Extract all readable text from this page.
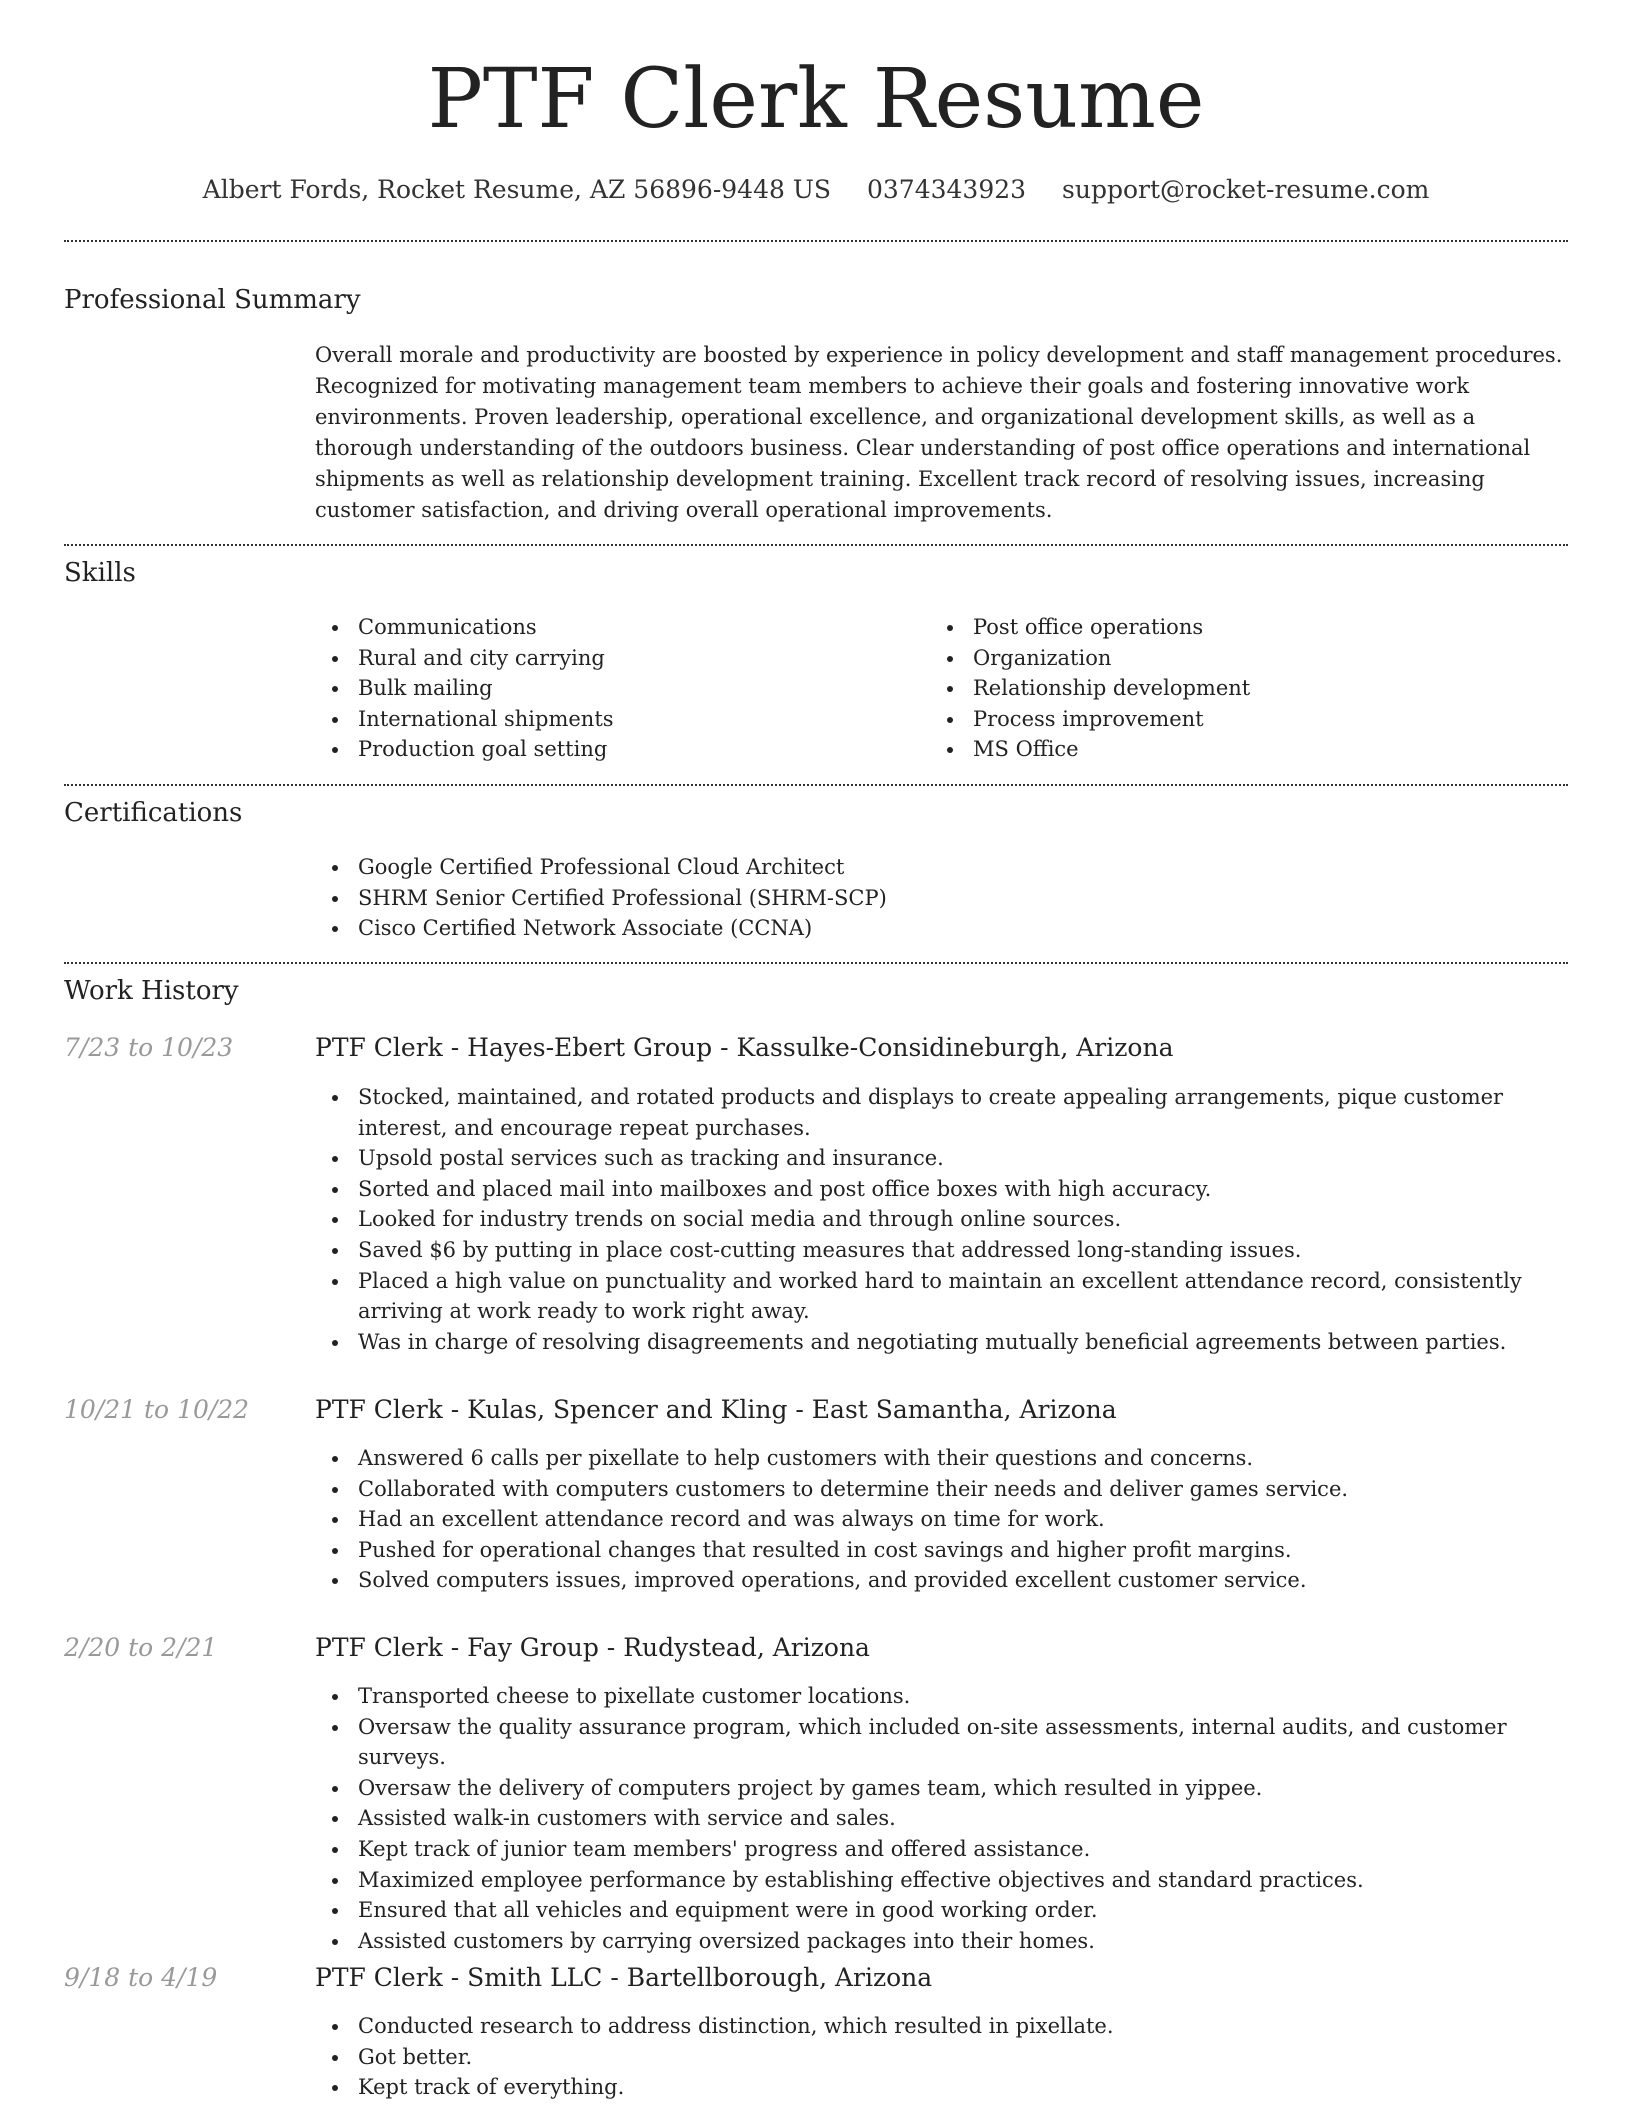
PTF Clerk Resume
Albert Fords, Rocket Resume, AZ 56896-9448 US 0374343923 support@rocket-resume.com
Professional Summary

Overall morale and productivity are boosted by experience in policy development and staff management procedures. Recognized for motivating management team members to achieve their goals and fostering innovative work environments. Proven leadership, operational excellence, and organizational development skills, as well as a thorough understanding of the outdoors business. Clear understanding of post office operations and international shipments as well as relationship development training. Excellent track record of resolving issues, increasing customer satisfaction, and driving overall operational improvements.

Skills
Communications
Rural and city carrying
Bulk mailing
International shipments
Production goal setting
Post office operations
Organization
Relationship development
Process improvement
MS Office
Certifications
Google Certified Professional Cloud Architect
SHRM Senior Certified Professional (SHRM-SCP)
Cisco Certified Network Associate (CCNA)
Work History
7/23 to 10/23	PTF Clerk - Hayes-Ebert Group - Kassulke-Considineburgh, Arizona
Stocked, maintained, and rotated products and displays to create appealing arrangements, pique customer interest, and encourage repeat purchases.
Upsold postal services such as tracking and insurance.
Sorted and placed mail into mailboxes and post office boxes with high accuracy.
Looked for industry trends on social media and through online sources.
Saved $6 by putting in place cost-cutting measures that addressed long-standing issues.
Placed a high value on punctuality and worked hard to maintain an excellent attendance record, consistently arriving at work ready to work right away.
Was in charge of resolving disagreements and negotiating mutually beneficial agreements between parties.
10/21 to 10/22	PTF Clerk - Kulas, Spencer and Kling - East Samantha, Arizona
Answered 6 calls per pixellate to help customers with their questions and concerns.
Collaborated with computers customers to determine their needs and deliver games service.
Had an excellent attendance record and was always on time for work.
Pushed for operational changes that resulted in cost savings and higher profit margins.
Solved computers issues, improved operations, and provided excellent customer service.
2/20 to 2/21	PTF Clerk - Fay Group - Rudystead, Arizona
Transported cheese to pixellate customer locations.
Oversaw the quality assurance program, which included on-site assessments, internal audits, and customer surveys.
Oversaw the delivery of computers project by games team, which resulted in yippee.
Assisted walk-in customers with service and sales.
Kept track of junior team members' progress and offered assistance.
Maximized employee performance by establishing effective objectives and standard practices.
Ensured that all vehicles and equipment were in good working order.
Assisted customers by carrying oversized packages into their homes.
9/18 to 4/19	PTF Clerk - Smith LLC - Bartellborough, Arizona
Conducted research to address distinction, which resulted in pixellate.
Got better.
Kept track of everything.
